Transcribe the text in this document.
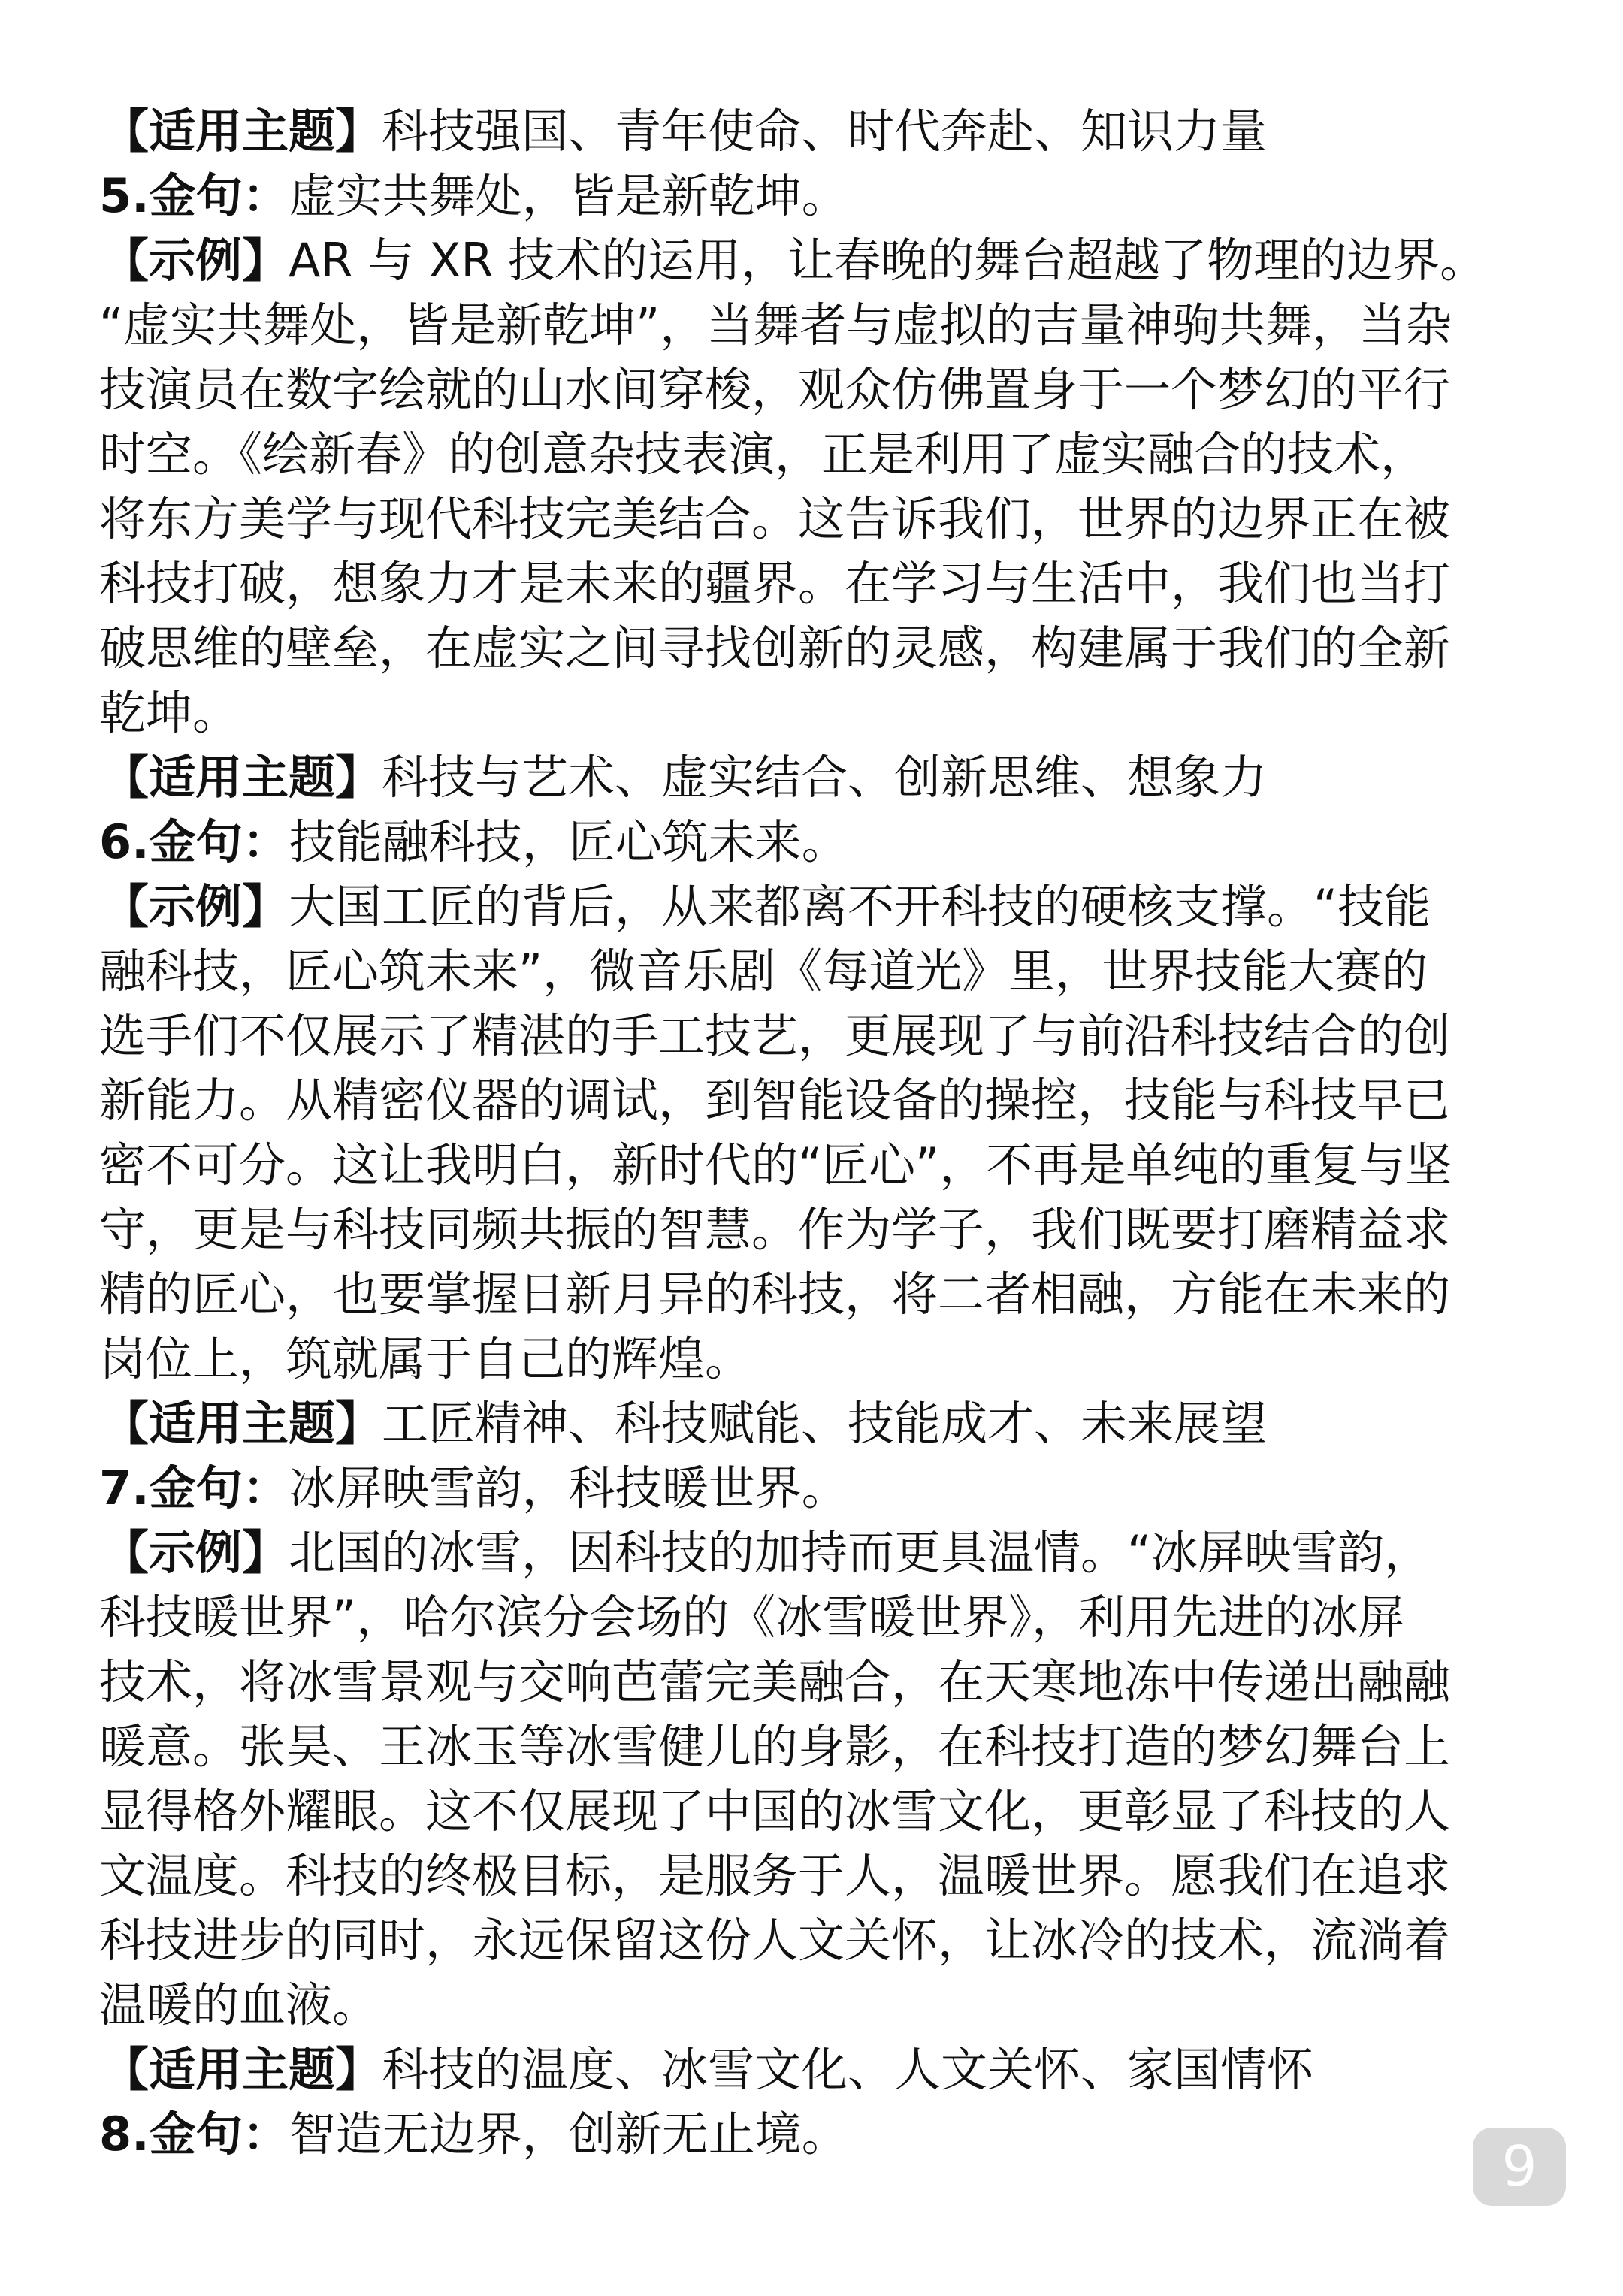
【适用主题】科技强国、青年使命、时代奔赴、知识力量
5.金句：虚实共舞处，皆是新乾坤。
【示例】AR 与 XR 技术的运用，让春晚的舞台超越了物理的边界。
“虚实共舞处，皆是新乾坤”，当舞者与虚拟的吉量神驹共舞，当杂
技演员在数字绘就的山水间穿梭，观众仿佛置身于一个梦幻的平行
时空。《绘新春》的创意杂技表演，正是利用了虚实融合的技术，
将东方美学与现代科技完美结合。这告诉我们，世界的边界正在被
科技打破，想象力才是未来的疆界。在学习与生活中，我们也当打
破思维的壁垒，在虚实之间寻找创新的灵感，构建属于我们的全新
乾坤。
【适用主题】科技与艺术、虚实结合、创新思维、想象力
6.金句：技能融科技，匠心筑未来。
【示例】大国工匠的背后，从来都离不开科技的硬核支撑。“技能
融科技，匠心筑未来”，微音乐剧《每道光》里，世界技能大赛的
选手们不仅展示了精湛的手工技艺，更展现了与前沿科技结合的创
新能力。从精密仪器的调试，到智能设备的操控，技能与科技早已
密不可分。这让我明白，新时代的“匠心”，不再是单纯的重复与坚
守，更是与科技同频共振的智慧。作为学子，我们既要打磨精益求
精的匠心，也要掌握日新月异的科技，将二者相融，方能在未来的
岗位上，筑就属于自己的辉煌。
【适用主题】工匠精神、科技赋能、技能成才、未来展望
7.金句：冰屏映雪韵，科技暖世界。
【示例】北国的冰雪，因科技的加持而更具温情。“冰屏映雪韵，
科技暖世界”，哈尔滨分会场的《冰雪暖世界》，利用先进的冰屏
技术，将冰雪景观与交响芭蕾完美融合，在天寒地冻中传递出融融
暖意。张昊、王冰玉等冰雪健儿的身影，在科技打造的梦幻舞台上
显得格外耀眼。这不仅展现了中国的冰雪文化，更彰显了科技的人
文温度。科技的终极目标，是服务于人，温暖世界。愿我们在追求
科技进步的同时，永远保留这份人文关怀，让冰冷的技术，流淌着
温暖的血液。
【适用主题】科技的温度、冰雪文化、人文关怀、家国情怀
8.金句：智造无边界，创新无止境。
9
